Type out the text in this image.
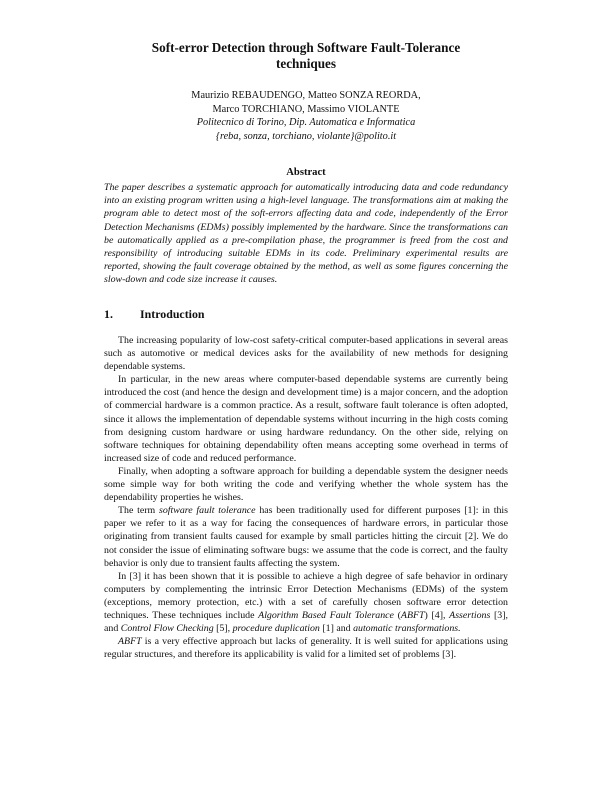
Soft-error Detection through Software Fault-Tolerance
techniques
Maurizio REBAUDENGO, Matteo SONZA REORDA,
Marco TORCHIANO, Massimo VIOLANTE
Politecnico di Torino, Dip. Automatica e Informatica
{reba, sonza, torchiano, violante}@polito.it
Abstract
The paper describes a systematic approach for automatically introducing data and code redundancy into an existing program written using a high-level language. The transformations aim at making the program able to detect most of the soft-errors affecting data and code, independently of the Error Detection Mechanisms (EDMs) possibly implemented by the hardware. Since the transformations can be automatically applied as a pre-compilation phase, the programmer is freed from the cost and responsibility of introducing suitable EDMs in its code. Preliminary experimental results are reported, showing the fault coverage obtained by the method, as well as some figures concerning the slow-down and code size increase it causes.
1. Introduction

The increasing popularity of low-cost safety-critical computer-based applications in several areas such as automotive or medical devices asks for the availability of new methods for designing dependable systems.

In particular, in the new areas where computer-based dependable systems are currently being introduced the cost (and hence the design and development time) is a major concern, and the adoption of commercial hardware is a common practice. As a result, software fault tolerance is often adopted, since it allows the implementation of dependable systems without incurring in the high costs coming from designing custom hardware or using hardware redundancy. On the other side, relying on software techniques for obtaining dependability often means accepting some overhead in terms of increased size of code and reduced performance.

Finally, when adopting a software approach for building a dependable system the designer needs some simple way for both writing the code and verifying whether the whole system has the dependability properties he wishes.

The term software fault tolerance has been traditionally used for different purposes [1]: in this paper we refer to it as a way for facing the consequences of hardware errors, in particular those originating from transient faults caused for example by small particles hitting the circuit [2]. We do not consider the issue of eliminating software bugs: we assume that the code is correct, and the faulty behavior is only due to transient faults affecting the system.

In [3] it has been shown that it is possible to achieve a high degree of safe behavior in ordinary computers by complementing the intrinsic Error Detection Mechanisms (EDMs) of the system (exceptions, memory protection, etc.) with a set of carefully chosen software error detection techniques. These techniques include Algorithm Based Fault Tolerance (ABFT) [4], Assertions [3], and Control Flow Checking [5], procedure duplication [1] and automatic transformations.

ABFT is a very effective approach but lacks of generality. It is well suited for applications using regular structures, and therefore its applicability is valid for a limited set of problems [3].
